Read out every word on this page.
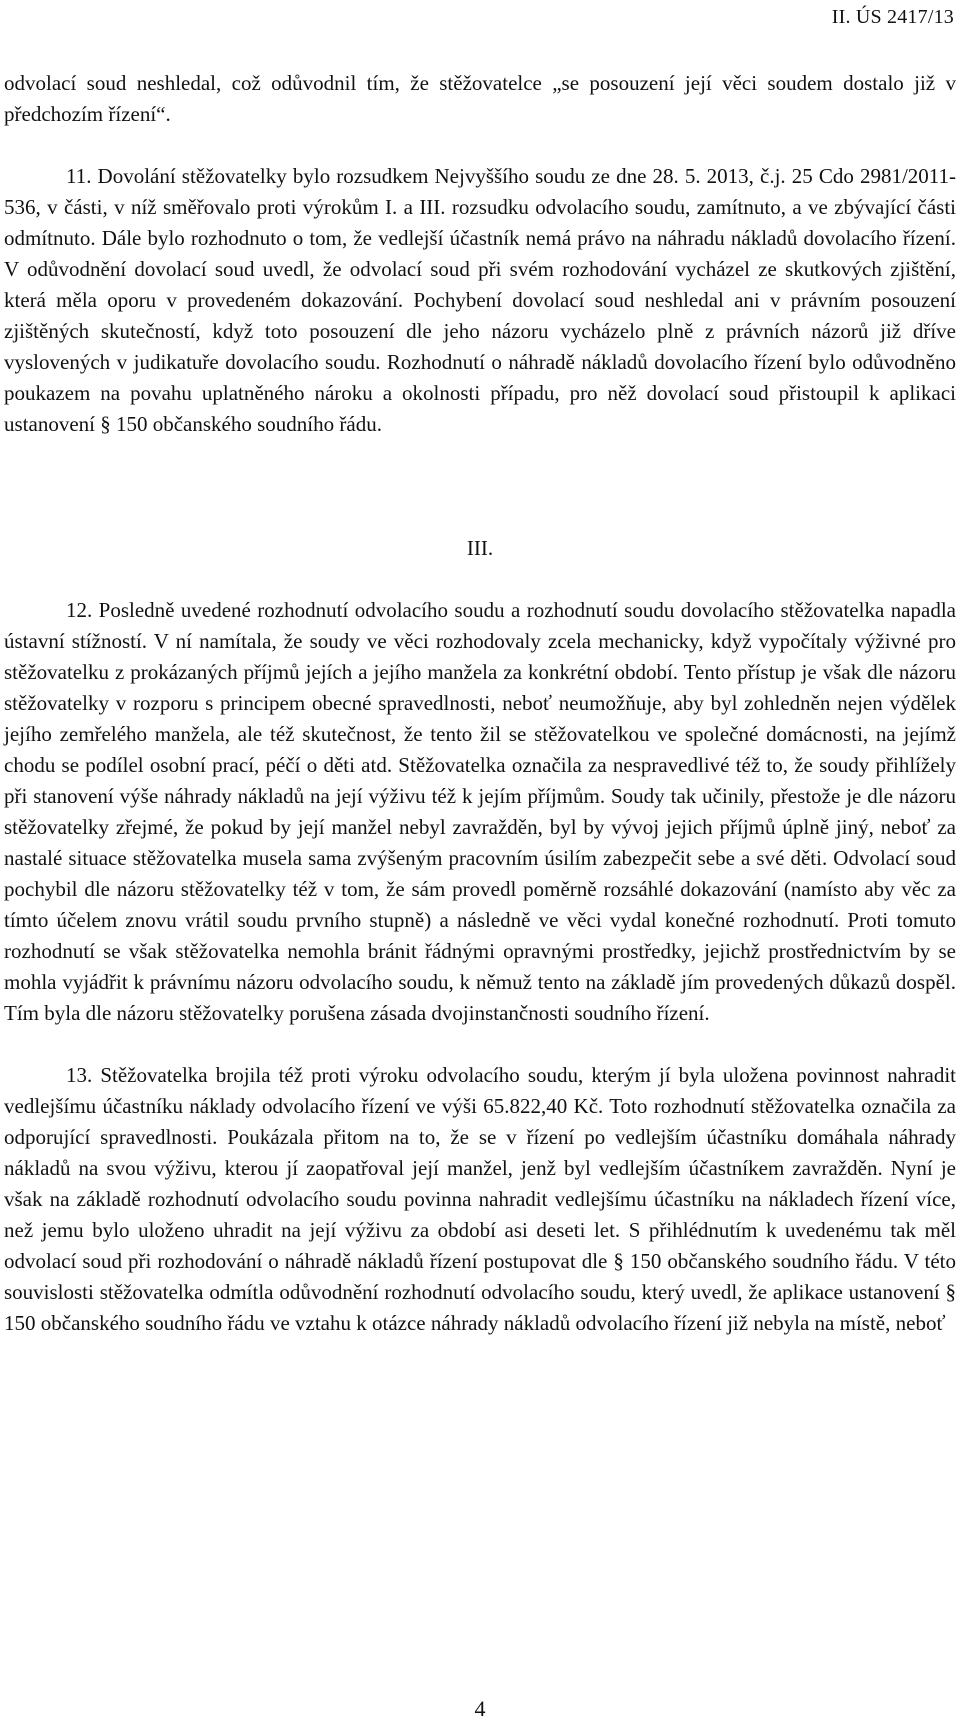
II. ÚS 2417/13

odvolací soud neshledal, což odůvodnil tím, že stěžovatelce „se posouzení její věci soudem dostalo již v předchozím řízení“.

11. Dovolání stěžovatelky bylo rozsudkem Nejvyššího soudu ze dne 28. 5. 2013, č.j. 25 Cdo 2981/2011-536, v části, v níž směřovalo proti výrokům I. a III. rozsudku odvolacího soudu, zamítnuto, a ve zbývající části odmítnuto. Dále bylo rozhodnuto o tom, že vedlejší účastník nemá právo na náhradu nákladů dovolacího řízení. V odůvodnění dovolací soud uvedl, že odvolací soud při svém rozhodování vycházel ze skutkových zjištění, která měla oporu v provedeném dokazování. Pochybení dovolací soud neshledal ani v právním posouzení zjištěných skutečností, když toto posouzení dle jeho názoru vycházelo plně z právních názorů již dříve vyslovených v judikatuře dovolacího soudu. Rozhodnutí o náhradě nákladů dovolacího řízení bylo odůvodněno poukazem na povahu uplatněného nároku a okolnosti případu, pro něž dovolací soud přistoupil k aplikaci ustanovení § 150 občanského soudního řádu.

III.

12. Posledně uvedené rozhodnutí odvolacího soudu a rozhodnutí soudu dovolacího stěžovatelka napadla ústavní stížností. V ní namítala, že soudy ve věci rozhodovaly zcela mechanicky, když vypočítaly výživné pro stěžovatelku z prokázaných příjmů jejích a jejího manžela za konkrétní období. Tento přístup je však dle názoru stěžovatelky v rozporu s principem obecné spravedlnosti, neboť neumožňuje, aby byl zohledněn nejen výdělek jejího zemřelého manžela, ale též skutečnost, že tento žil se stěžovatelkou ve společné domácnosti, na jejímž chodu se podílel osobní prací, péčí o děti atd. Stěžovatelka označila za nespravedlivé též to, že soudy přihlížely při stanovení výše náhrady nákladů na její výživu též k jejím příjmům. Soudy tak učinily, přestože je dle názoru stěžovatelky zřejmé, že pokud by její manžel nebyl zavražděn, byl by vývoj jejich příjmů úplně jiný, neboť za nastalé situace stěžovatelka musela sama zvýšeným pracovním úsilím zabezpečit sebe a své děti. Odvolací soud pochybil dle názoru stěžovatelky též v tom, že sám provedl poměrně rozsáhlé dokazování (namísto aby věc za tímto účelem znovu vrátil soudu prvního stupně) a následně ve věci vydal konečné rozhodnutí. Proti tomuto rozhodnutí se však stěžovatelka nemohla bránit řádnými opravnými prostředky, jejichž prostřednictvím by se mohla vyjádřit k právnímu názoru odvolacího soudu, k němuž tento na základě jím provedených důkazů dospěl. Tím byla dle názoru stěžovatelky porušena zásada dvojinstančnosti soudního řízení.

13. Stěžovatelka brojila též proti výroku odvolacího soudu, kterým jí byla uložena povinnost nahradit vedlejšímu účastníku náklady odvolacího řízení ve výši 65.822,40 Kč. Toto rozhodnutí stěžovatelka označila za odporující spravedlnosti. Poukázala přitom na to, že se v řízení po vedlejším účastníku domáhala náhrady nákladů na svou výživu, kterou jí zaopatřoval její manžel, jenž byl vedlejším účastníkem zavražděn. Nyní je však na základě rozhodnutí odvolacího soudu povinna nahradit vedlejšímu účastníku na nákladech řízení více, než jemu bylo uloženo uhradit na její výživu za období asi deseti let. S přihlédnutím k uvedenému tak měl odvolací soud při rozhodování o náhradě nákladů řízení postupovat dle § 150 občanského soudního řádu. V této souvislosti stěžovatelka odmítla odůvodnění rozhodnutí odvolacího soudu, který uvedl, že aplikace ustanovení § 150 občanského soudního řádu ve vztahu k otázce náhrady nákladů odvolacího řízení již nebyla na místě, neboť

4
